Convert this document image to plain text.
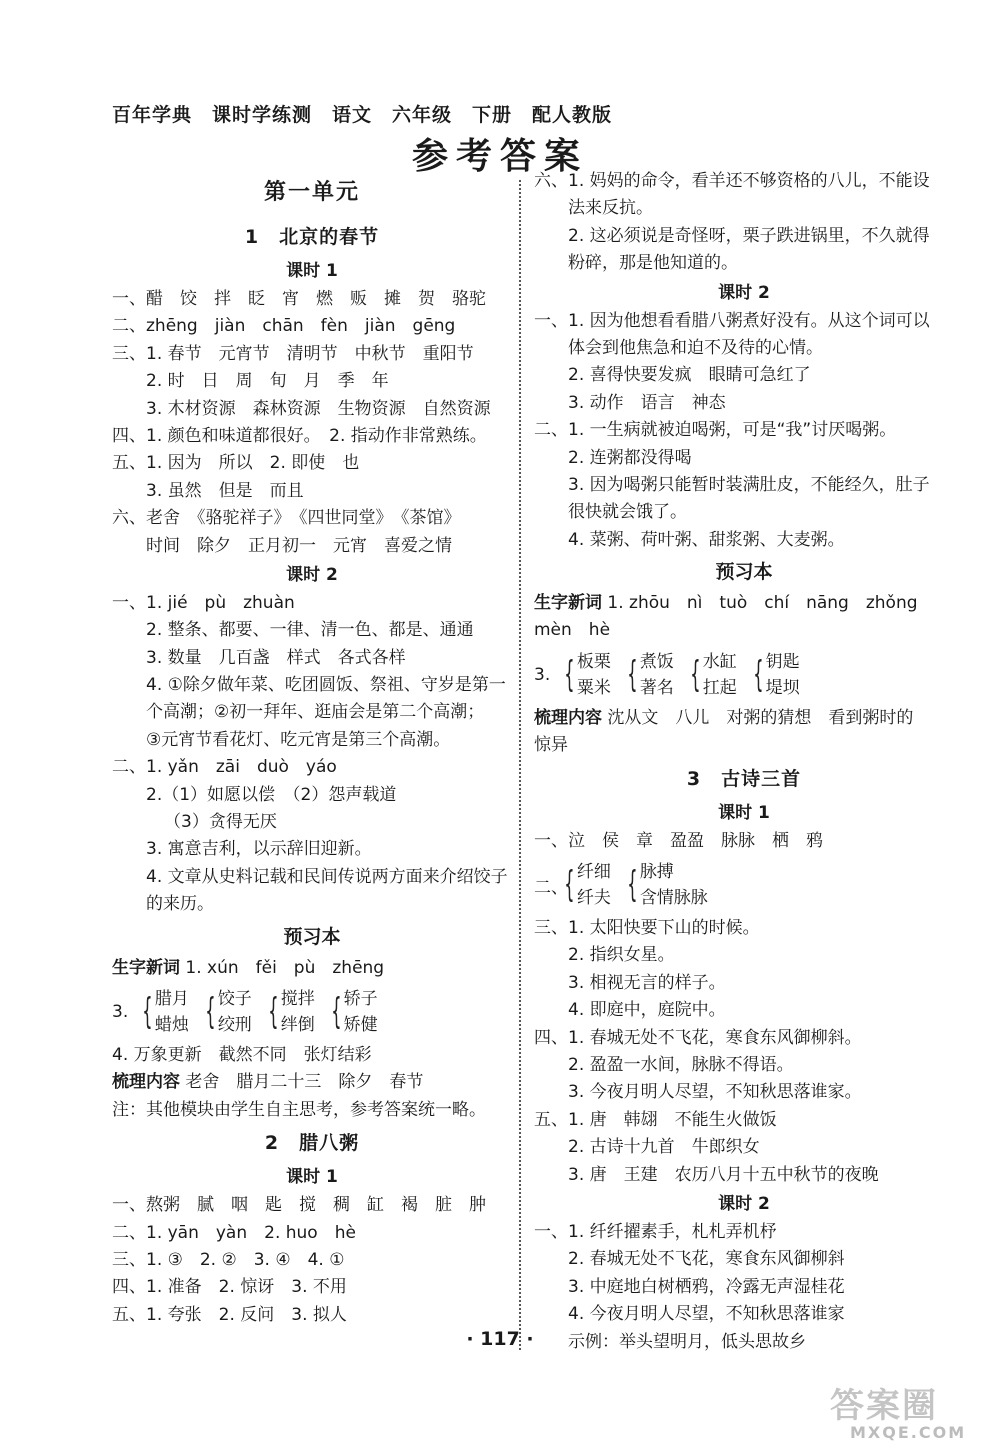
百年学典　课时学练测　语文　六年级　下册　配人教版
参考答案
第一单元
1　北京的春节
课时 1
一、醋　饺　拌　眨　宵　燃　贩　摊　贺　骆驼
二、zhēng　jiàn　chān　fèn　jiàn　gēng
三、1. 春节　元宵节　清明节　中秋节　重阳节
2. 时　日　周　旬　月　季　年
3. 木材资源　森林资源　生物资源　自然资源
四、1. 颜色和味道都很好。　2. 指动作非常熟练。
五、1. 因为　所以　2. 即使　也
3. 虽然　但是　而且
六、老舍　《骆驼祥子》　《四世同堂》　《茶馆》
时间　除夕　正月初一　元宵　喜爱之情
课时 2
一、1. jié　pù　zhuàn
2. 整条、都要、一律、清一色、都是、通通
3. 数量　几百盏　样式　各式各样
4. ①除夕做年菜、吃团圆饭、祭祖、守岁是第一
个高潮；②初一拜年、逛庙会是第二个高潮；
③元宵节看花灯、吃元宵是第三个高潮。
二、1. yǎn　zāi　duò　yáo
2.（1）如愿以偿　（2）怨声载道
（3）贪得无厌
3. 寓意吉利，以示辞旧迎新。
4. 文章从史料记载和民间传说两方面来介绍饺子
的来历。
预习本
生字新词 1. xún　fěi　pù　zhēng
3. { 腊月
蜡烛 { 饺子
绞刑 { 搅拌
绊倒 { 轿子
矫健
4. 万象更新　截然不同　张灯结彩
梳理内容 老舍　腊月二十三　除夕　春节
注：其他模块由学生自主思考，参考答案统一略。
2　腊八粥
课时 1
一、熬粥　腻　咽　匙　搅　稠　缸　褐　脏　肿
二、1. yān　yàn　2. huo　hè
三、1. ③　2. ②　3. ④　4. ①
四、1. 准备　2. 惊讶　3. 不用
五、1. 夸张　2. 反问　3. 拟人
六、1. 妈妈的命令，看羊还不够资格的八儿，不能设
法来反抗。
2. 这必须说是奇怪呀，栗子跌进锅里，不久就得
粉碎，那是他知道的。
课时 2
一、1. 因为他想看看腊八粥煮好没有。从这个词可以
体会到他焦急和迫不及待的心情。
2. 喜得快要发疯　眼睛可急红了
3. 动作　语言　神态
二、1. 一生病就被迫喝粥，可是“我”讨厌喝粥。
2. 连粥都没得喝
3. 因为喝粥只能暂时装满肚皮，不能经久，肚子
很快就会饿了。
4. 菜粥、荷叶粥、甜浆粥、大麦粥。
预习本
生字新词 1. zhōu　nì　tuò　chí　nāng　zhǒng
mèn　hè
3. { 板栗
粟米 { 煮饭
著名 { 水缸
扛起 { 钥匙
堤坝
梳理内容 沈从文　八儿　对粥的猜想　看到粥时的
惊异
3　古诗三首
课时 1
一、泣　侯　章　盈盈　脉脉　栖　鸦
二、
{ 纤细
纤夫 { 脉搏
含情脉脉
三、1. 太阳快要下山的时候。
2. 指织女星。
3. 相视无言的样子。
4. 即庭中，庭院中。
四、1. 春城无处不飞花，寒食东风御柳斜。
2. 盈盈一水间，脉脉不得语。
3. 今夜月明人尽望，不知秋思落谁家。
五、1. 唐　韩翃　不能生火做饭
2. 古诗十九首　牛郎织女
3. 唐　王建　农历八月十五中秋节的夜晚
课时 2
一、1. 纤纤擢素手，札札弄机杼
2. 春城无处不飞花，寒食东风御柳斜
3. 中庭地白树栖鸦，冷露无声湿桂花
4. 今夜月明人尽望，不知秋思落谁家
示例：举头望明月，低头思故乡
· 117 ·
答案圈
MXQE.COM
